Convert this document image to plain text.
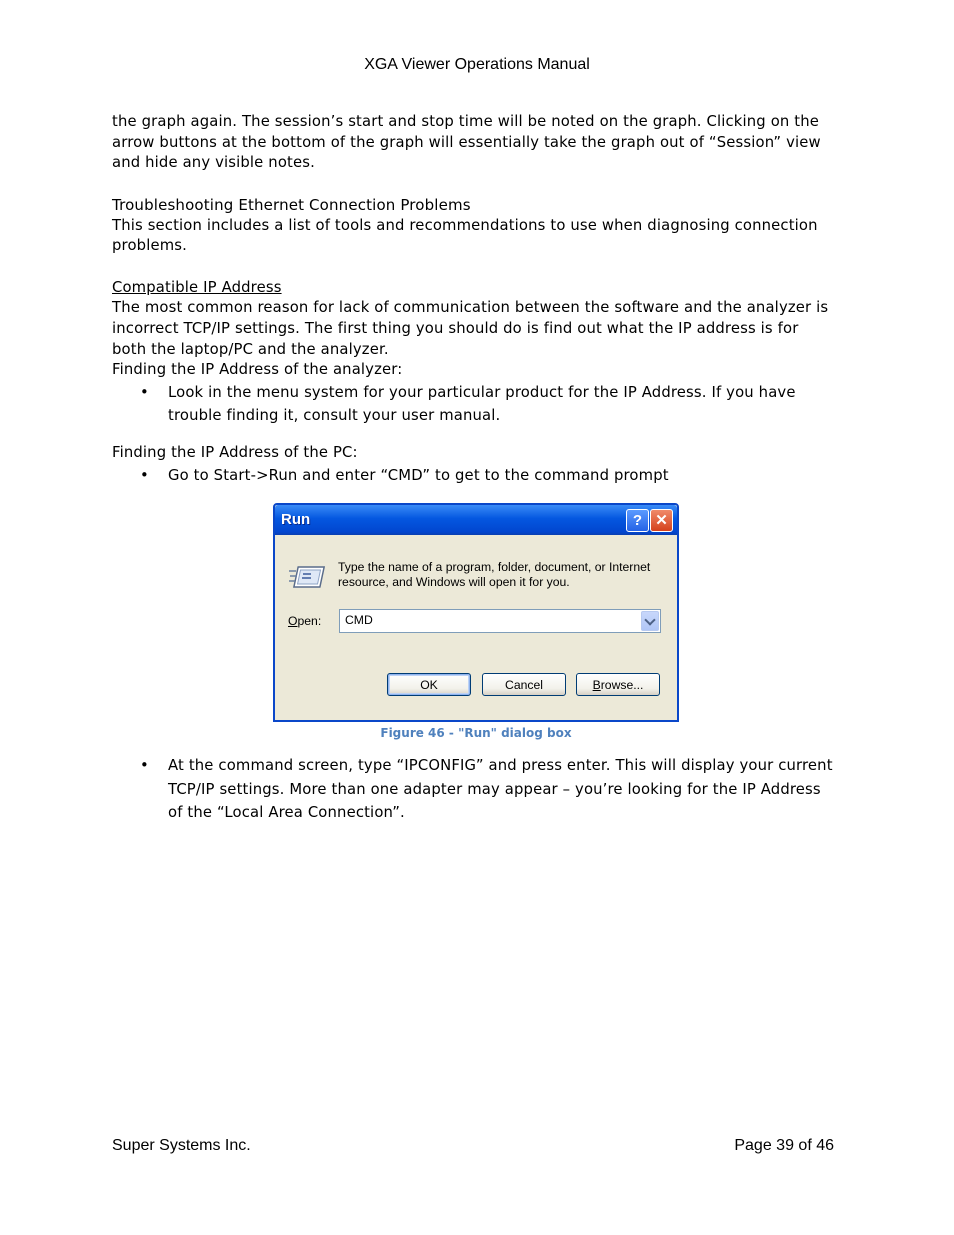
XGA Viewer Operations Manual

the graph again. The session’s start and stop time will be noted on the graph. Clicking on the arrow buttons at the bottom of the graph will essentially take the graph out of “Session” view and hide any visible notes.

Troubleshooting Ethernet Connection Problems

This section includes a list of tools and recommendations to use when diagnosing connection problems.

Compatible IP Address

The most common reason for lack of communication between the software and the analyzer is incorrect TCP/IP settings. The first thing you should do is find out what the IP address is for both the laptop/PC and the analyzer.

Finding the IP Address of the analyzer:

• Look in the menu system for your particular product for the IP Address. If you have trouble finding it, consult your user manual.

Finding the IP Address of the PC:

• Go to Start->Run and enter “CMD” to get to the command prompt
Run	? ✕
Type the name of a program, folder, document, or Internet resource, and Windows will open it for you.
Open: CMD
OK	Cancel	Browse...
Figure 46 - "Run" dialog box
• At the command screen, type “IPCONFIG” and press enter. This will display your current TCP/IP settings. More than one adapter may appear – you’re looking for the IP Address of the “Local Area Connection”.
Super Systems Inc.	Page 39 of 46
